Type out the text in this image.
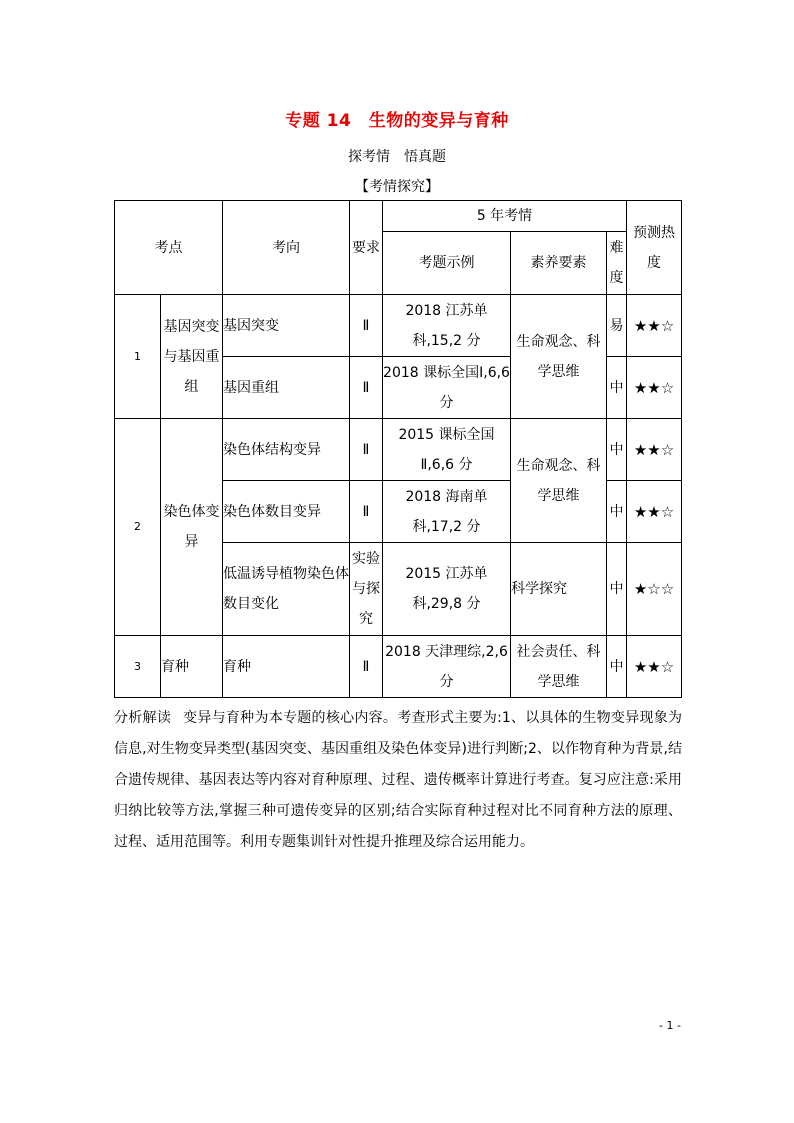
专题 14　生物的变异与育种
探考情　悟真题
【考情探究】
考点		考向	要求	5 年考情			预测热度
				考题示例	素养要素	难度	
1	基因突变与基因重组	基因突变	Ⅱ	2018 江苏单科,15,2 分	生命观念、科学思维	易	★★☆
		基因重组	Ⅱ	2018 课标全国Ⅰ,6,6 分		中	★★☆
2	染色体变异	染色体结构变异	Ⅱ	2015 课标全国Ⅱ,6,6 分	生命观念、科学思维	中	★★☆
		染色体数目变异	Ⅱ	2018 海南单科,17,2 分		中	★★☆
		低温诱导植物染色体数目变化	实验与探究	2015 江苏单科,29,8 分	科学探究	中	★☆☆
3	育种	育种	Ⅱ	2018 天津理综,2,6 分	社会责任、科学思维	中	★★☆
分析解读 变异与育种为本专题的核心内容。考查形式主要为:1、以具体的生物变异现象为信息,对生物变异类型(基因突变、基因重组及染色体变异)进行判断;2、以作物育种为背景,结合遗传规律、基因表达等内容对育种原理、过程、遗传概率计算进行考查。复习应注意:采用归纳比较等方法,掌握三种可遗传变异的区别;结合实际育种过程对比不同育种方法的原理、过程、适用范围等。利用专题集训针对性提升推理及综合运用能力。
- 1 -
